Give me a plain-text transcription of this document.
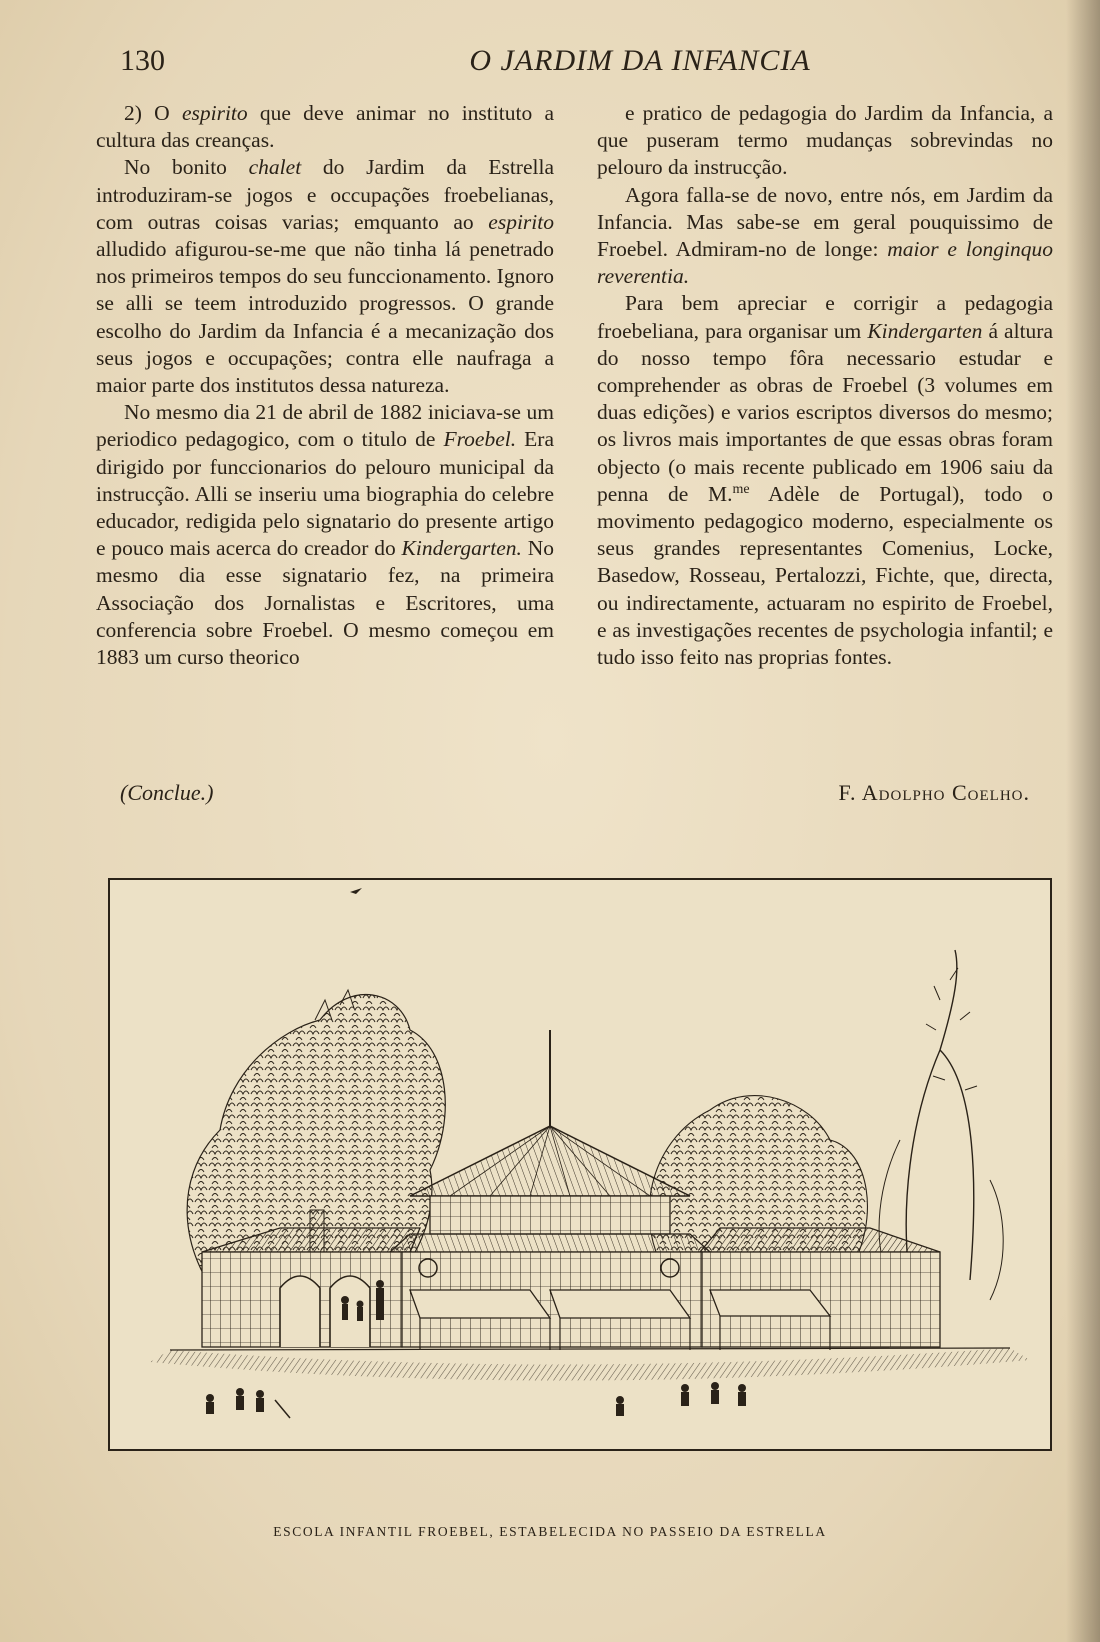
130	O JARDIM DA INFANCIA

2) O espirito que deve animar no instituto a cultura das creanças.

No bonito chalet do Jardim da Estrella introduziram-se jogos e occupações froebelianas, com outras coisas varias; emquanto ao espirito alludido afigurou-se-me que não tinha lá penetrado nos primeiros tempos do seu funccionamento. Ignoro se alli se teem introduzido progressos. O grande escolho do Jardim da Infancia é a mecanização dos seus jogos e occupações; contra elle naufraga a maior parte dos institutos dessa natureza.

No mesmo dia 21 de abril de 1882 iniciava-se um periodico pedagogico, com o titulo de Froebel. Era dirigido por funccionarios do pelouro municipal da instrucção. Alli se inseriu uma biographia do celebre educador, redigida pelo signatario do presente artigo e pouco mais acerca do creador do Kindergarten. No mesmo dia esse signatario fez, na primeira Associação dos Jornalistas e Escritores, uma conferencia sobre Froebel. O mesmo começou em 1883 um curso theorico

e pratico de pedagogia do Jardim da Infancia, a que puseram termo mudanças sobrevindas no pelouro da instrucção.

Agora falla-se de novo, entre nós, em Jardim da Infancia. Mas sabe-se em geral pouquissimo de Froebel. Admiram-no de longe: maior e longinquo reverentia.

Para bem apreciar e corrigir a pedagogia froebeliana, para organisar um Kindergarten á altura do nosso tempo fôra necessario estudar e comprehender as obras de Froebel (3 volumes em duas edições) e varios escriptos diversos do mesmo; os livros mais importantes de que essas obras foram objecto (o mais recente publicado em 1906 saiu da penna de M.$^{me}$ Adèle de Portugal), todo o movimento pedagogico moderno, especialmente os seus grandes representantes Comenius, Locke, Basedow, Rosseau, Pertalozzi, Fichte, que, directa, ou indirectamente, actuaram no espirito de Froebel, e as investigações recentes de psychologia infantil; e tudo isso feito nas proprias fontes.

(Conclue.)	F. Adolpho Coelho.
ESCOLA INFANTIL FROEBEL, ESTABELECIDA NO PASSEIO DA ESTRELLA
